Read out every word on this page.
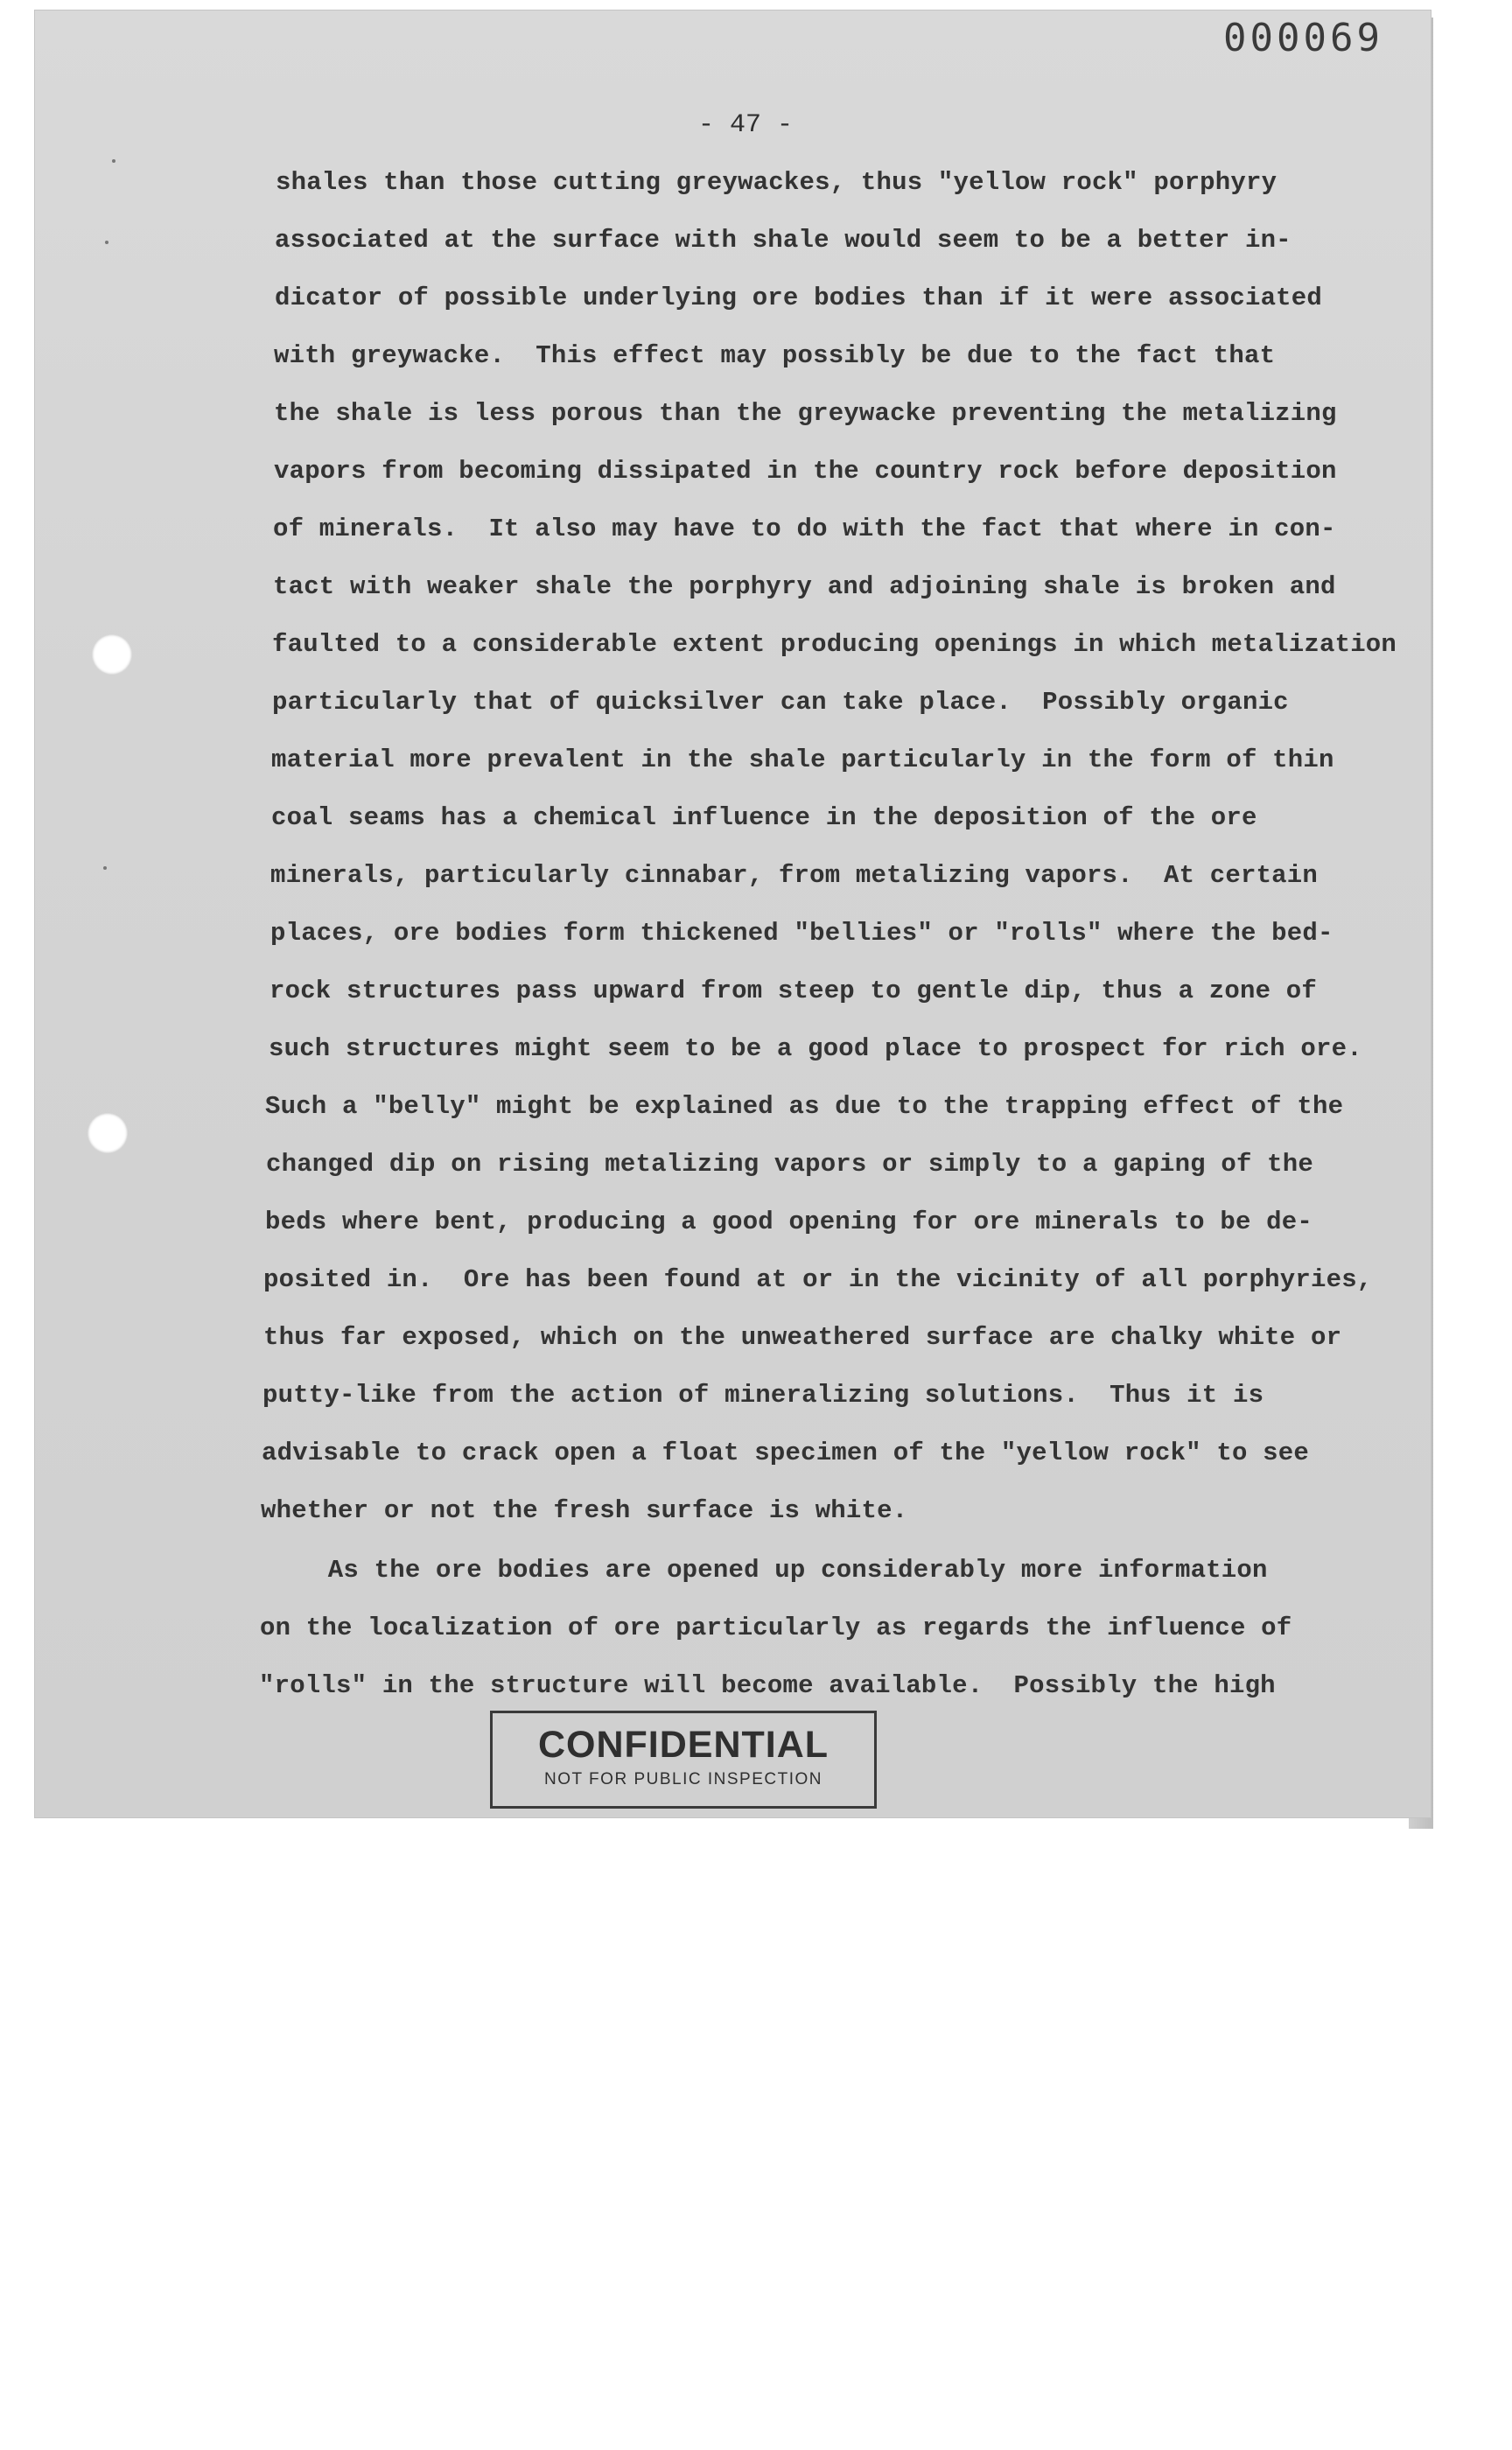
000069
- 47 -
shales than those cutting greywackes, thus "yellow rock" porphyry
associated at the surface with shale would seem to be a better in-
dicator of possible underlying ore bodies than if it were associated
with greywacke.  This effect may possibly be due to the fact that
the shale is less porous than the greywacke preventing the metalizing
vapors from becoming dissipated in the country rock before deposition
of minerals.  It also may have to do with the fact that where in con-
tact with weaker shale the porphyry and adjoining shale is broken and
faulted to a considerable extent producing openings in which metalization
particularly that of quicksilver can take place.  Possibly organic
material more prevalent in the shale particularly in the form of thin
coal seams has a chemical influence in the deposition of the ore
minerals, particularly cinnabar, from metalizing vapors.  At certain
places, ore bodies form thickened "bellies" or "rolls" where the bed-
rock structures pass upward from steep to gentle dip, thus a zone of
such structures might seem to be a good place to prospect for rich ore.
Such a "belly" might be explained as due to the trapping effect of the
changed dip on rising metalizing vapors or simply to a gaping of the
beds where bent, producing a good opening for ore minerals to be de-
posited in.  Ore has been found at or in the vicinity of all porphyries,
thus far exposed, which on the unweathered surface are chalky white or
putty-like from the action of mineralizing solutions.  Thus it is
advisable to crack open a float specimen of the "yellow rock" to see
whether or not the fresh surface is white.
As the ore bodies are opened up considerably more information
on the localization of ore particularly as regards the influence of
"rolls" in the structure will become available.  Possibly the high
CONFIDENTIAL
NOT FOR PUBLIC INSPECTION
